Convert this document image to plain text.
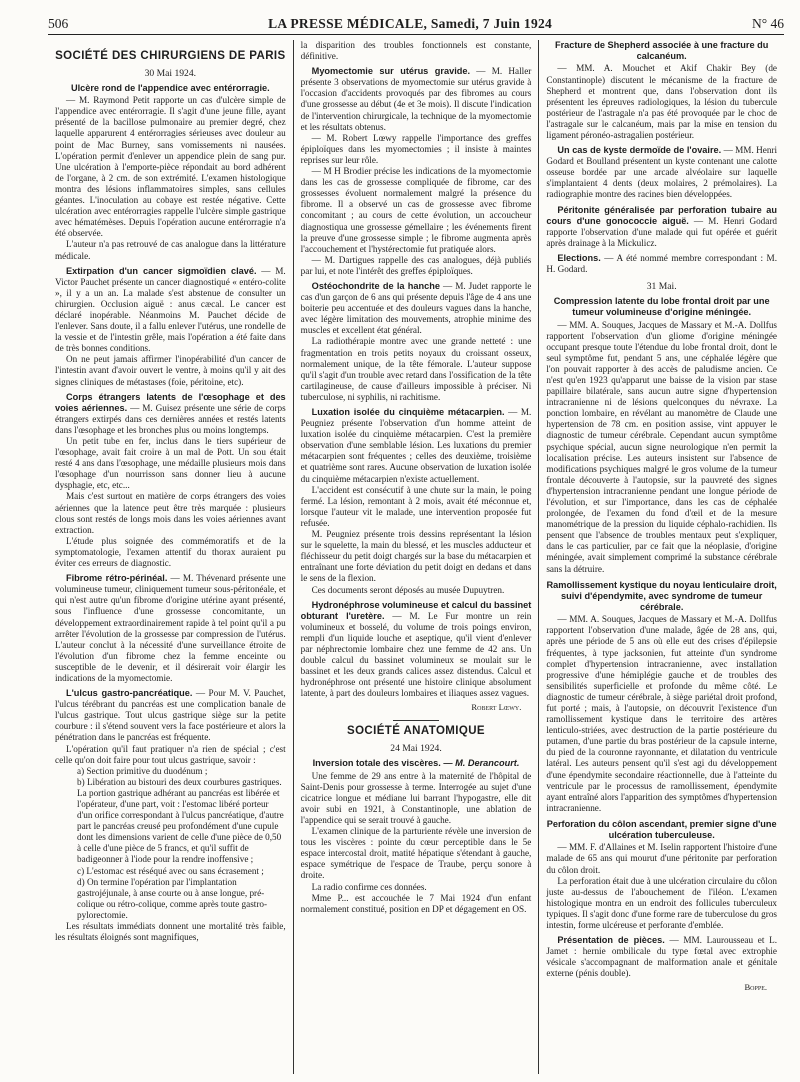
506	LA PRESSE MÉDICALE, Samedi, 7 Juin 1924	N° 46
SOCIÉTÉ DES CHIRURGIENS DE PARIS
30 Mai 1924.
Ulcère rond de l'appendice avec entérorragie.

— M. Raymond Petit rapporte un cas d'ulcère simple de l'appendice avec entérorragie. Il s'agit d'une jeune fille, ayant présenté de la bacillose pulmonaire au premier degré, chez laquelle apparurent 4 entérorragies sérieuses avec douleur au point de Mac Burney, sans vomissements ni nausées. L'opération permit d'enlever un appendice plein de sang pur. Une ulcération à l'emporte-pièce répondait au bord adhérent de l'organe, à 2 cm. de son extrémité. L'examen histologique montra des lésions inflammatoires simples, sans cellules géantes. L'inoculation au cobaye est restée négative. Cette ulcération avec entérorragies rappelle l'ulcère simple gastrique avec hématémèses. Depuis l'opération aucune entérorragie n'a été observée.

L'auteur n'a pas retrouvé de cas analogue dans la littérature médicale.

Extirpation d'un cancer sigmoïdien clavé. — M. Victor Pauchet présente un cancer diagnostiqué « entéro-colite », il y a un an. La malade s'est abstenue de consulter un chirurgien. Occlusion aiguë : anus cæcal. Le cancer est déclaré inopérable. Néanmoins M. Pauchet décide de l'enlever. Sans doute, il a fallu enlever l'utérus, une rondelle de la vessie et de l'intestin grêle, mais l'opération a été faite dans de très bonnes conditions.

On ne peut jamais affirmer l'inopérabilité d'un cancer de l'intestin avant d'avoir ouvert le ventre, à moins qu'il y ait des signes cliniques de métastases (foie, péritoine, etc).

Corps étrangers latents de l'œsophage et des voies aériennes. — M. Guisez présente une série de corps étrangers extirpés dans ces dernières années et restés latents dans l'œsophage et les bronches plus ou moins longtemps.

Un petit tube en fer, inclus dans le tiers supérieur de l'œsophage, avait fait croire à un mal de Pott. Un sou était resté 4 ans dans l'œsophage, une médaille plusieurs mois dans l'œsophage d'un nourrisson sans donner lieu à aucune dysphagie, etc, etc...

Mais c'est surtout en matière de corps étrangers des voies aériennes que la latence peut être très marquée : plusieurs clous sont restés de longs mois dans les voies aériennes avant extraction.

L'étude plus soignée des commémoratifs et de la symptomatologie, l'examen attentif du thorax auraient pu éviter ces erreurs de diagnostic.

Fibrome rétro-périnéal. — M. Thévenard présente une volumineuse tumeur, cliniquement tumeur sous-péritonéale, et qui n'est autre qu'un fibrome d'origine utérine ayant présenté, sous l'influence d'une grossesse concomitante, un développement extraordinairement rapide à tel point qu'il a pu arrêter l'évolution de la grossesse par compression de l'utérus. L'auteur conclut à la nécessité d'une surveillance étroite de l'évolution d'un fibrome chez la femme enceinte ou susceptible de le devenir, et il désirerait voir élargir les indications de la myomectomie.

L'ulcus gastro-pancréatique. — Pour M. V. Pauchet, l'ulcus térébrant du pancréas est une complication banale de l'ulcus gastrique. Tout ulcus gastrique siège sur la petite courbure : il s'étend souvent vers la face postérieure et alors la pénétration dans le pancréas est fréquente.

L'opération qu'il faut pratiquer n'a rien de spécial ; c'est celle qu'on doit faire pour tout ulcus gastrique, savoir :

a) Section primitive du duodénum ;
b) Libération au bistouri des deux courbures gastriques. La portion gastrique adhérant au pancréas est libérée et l'opérateur, d'une part, voit : l'estomac libéré porteur d'un orifice correspondant à l'ulcus pancréatique, d'autre part le pancréas creusé peu profondément d'une cupule dont les dimensions varient de celle d'une pièce de 0,50 à celle d'une pièce de 5 francs, et qu'il suffit de badigeonner à l'iode pour la rendre inoffensive ;
c) L'estomac est réséqué avec ou sans écrasement ;
d) On termine l'opération par l'implantation gastrojéjunale, à anse courte ou à anse longue, pré-colique ou rétro-colique, comme après toute gastro-pylorectomie.

Les résultats immédiats donnent une mortalité très faible, les résultats éloignés sont magnifiques,

la disparition des troubles fonctionnels est constante, définitive.

Myomectomie sur utérus gravide. — M. Haller présente 3 observations de myomectomie sur utérus gravide à l'occasion d'accidents provoqués par des fibromes au cours d'une grossesse au début (4e et 3e mois). Il discute l'indication de l'intervention chirurgicale, la technique de la myomectomie et les résultats obtenus.

— M. Robert Lœwy rappelle l'importance des greffes épiploïques dans les myomectomies ; il insiste à maintes reprises sur leur rôle.

— M H Brodier précise les indications de la myomectomie dans les cas de grossesse compliquée de fibrome, car des grossesses évoluent normalement malgré la présence du fibrome. Il a observé un cas de grossesse avec fibrome concomitant ; au cours de cette évolution, un accoucheur diagnostiqua une grossesse gémellaire ; les événements firent la preuve d'une grossesse simple ; le fibrome augmenta après l'accouchement et l'hystérectomie fut pratiquée alors.

— M. Dartigues rappelle des cas analogues, déjà publiés par lui, et note l'intérêt des greffes épiploïques.

Ostéochondrite de la hanche — M. Judet rapporte le cas d'un garçon de 6 ans qui présente depuis l'âge de 4 ans une boiterie peu accentuée et des douleurs vagues dans la hanche, avec légère limitation des mouvements, atrophie minime des muscles et excellent état général.

La radiothérapie montre avec une grande netteté : une fragmentation en trois petits noyaux du croissant osseux, normalement unique, de la tête fémorale. L'auteur suppose qu'il s'agit d'un trouble avec retard dans l'ossification de la tête cartilagineuse, de cause d'ailleurs impossible à préciser. Ni tuberculose, ni syphilis, ni rachitisme.

Luxation isolée du cinquième métacarpien. — M. Peugniez présente l'observation d'un homme atteint de luxation isolée du cinquième métacarpien. C'est la première observation d'une semblable lésion. Les luxations du premier métacarpien sont fréquentes ; celles des deuxième, troisième et quatrième sont rares. Aucune observation de luxation isolée du cinquième métacarpien n'existe actuellement.

L'accident est consécutif à une chute sur la main, le poing fermé. La lésion, remontant à 2 mois, avait été méconnue et, lorsque l'auteur vit le malade, une intervention proposée fut refusée.

M. Peugniez présente trois dessins représentant la lésion sur le squelette, la main du blessé, et les muscles adducteur et fléchisseur du petit doigt chargés sur la base du métacarpien et entraînant une forte déviation du petit doigt en dedans et dans le sens de la flexion.

Ces documents seront déposés au musée Dupuytren.

Hydronéphrose volumineuse et calcul du bassinet obturant l'uretère. — M. Le Fur montre un rein volumineux et bosselé, du volume de trois poings environ, rempli d'un liquide louche et aseptique, qu'il vient d'enlever par néphrectomie lombaire chez une femme de 42 ans. Un double calcul du bassinet volumineux se moulait sur le bassinet et les deux grands calices assez distendus. Calcul et hydronéphrose ont présenté une histoire clinique absolument latente, à part des douleurs lombaires et iliaques assez vagues.

Robert Lœwy.
SOCIÉTÉ ANATOMIQUE
24 Mai 1924.
Inversion totale des viscères. — M. Derancourt.

Une femme de 29 ans entre à la maternité de l'hôpital de Saint-Denis pour grossesse à terme. Interrogée au sujet d'une cicatrice longue et médiane lui barrant l'hypogastre, elle dit avoir subi en 1921, à Constantinople, une ablation de l'appendice qui se serait trouvé à gauche.

L'examen clinique de la parturiente révèle une inversion de tous les viscères : pointe du cœur perceptible dans le 5e espace intercostal droit, matité hépatique s'étendant à gauche, espace symétrique de l'espace de Traube, perçu sonore à droite.

La radio confirme ces données.

Mme P... est accouchée le 7 Mai 1924 d'un enfant normalement constitué, position en DP et dégagement en OS.

Fracture de Shepherd associée à une fracture du calcanéum.

— MM. A. Mouchet et Akif Chakir Bey (de Constantinople) discutent le mécanisme de la fracture de Shepherd et montrent que, dans l'observation dont ils présentent les épreuves radiologiques, la lésion du tubercule postérieur de l'astragale n'a pas été provoquée par le choc de l'astragale sur le calcanéum, mais par la mise en tension du ligament péronéo-astragalien postérieur.

Un cas de kyste dermoïde de l'ovaire. — MM. Henri Godard et Boulland présentent un kyste contenant une calotte osseuse bordée par une arcade alvéolaire sur laquelle s'implantaient 4 dents (deux molaires, 2 prémolaires). La radiographie montre des racines bien développées.

Péritonite généralisée par perforation tubaire au cours d'une gonococcie aiguë. — M. Henri Godard rapporte l'observation d'une malade qui fut opérée et guérit après drainage à la Mickulicz.

Elections. — A été nommé membre correspondant : M. H. Godard.

31 Mai.
Compression latente du lobe frontal droit par une tumeur volumineuse d'origine méningée.

— MM. A. Souques, Jacques de Massary et M.-A. Dollfus rapportent l'observation d'un gliome d'origine méningée occupant presque toute l'étendue du lobe frontal droit, dont le seul symptôme fut, pendant 5 ans, une céphalée légère que l'on pouvait rapporter à des accès de paludisme ancien. Ce n'est qu'en 1923 qu'apparut une baisse de la vision par stase papillaire bilatérale, sans aucun autre signe d'hypertension intracranienne ni de lésions quelconques du névraxe. La ponction lombaire, en révélant au manomètre de Claude une hypertension de 78 cm. en position assise, vint appuyer le diagnostic de tumeur cérébrale. Cependant aucun symptôme psychique spécial, aucun signe neurologique n'en permit la localisation précise. Les auteurs insistent sur l'absence de modifications psychiques malgré le gros volume de la tumeur frontale découverte à l'autopsie, sur la pauvreté des signes d'hypertension intracranienne pendant une longue période de l'évolution, et sur l'importance, dans les cas de céphalée prolongée, de l'examen du fond d'œil et de la mesure manométrique de la pression du liquide céphalo-rachidien. Ils pensent que l'absence de troubles mentaux peut s'expliquer, dans le cas particulier, par ce fait que la néoplasie, d'origine méningée, avait simplement comprimé la substance cérébrale sans la détruire.

Ramollissement kystique du noyau lenticulaire droit, suivi d'épendymite, avec syndrome de tumeur cérébrale.

— MM. A. Souques, Jacques de Massary et M.-A. Dollfus rapportent l'observation d'une malade, âgée de 28 ans, qui, après une période de 5 ans où elle eut des crises d'épilepsie fréquentes, à type jacksonien, fut atteinte d'un syndrome complet d'hypertension intracranienne, avec installation progressive d'une hémiplégie gauche et de troubles des sensibilités superficielle et profonde du même côté. Le diagnostic de tumeur cérébrale, à siège pariétal droit profond, fut porté ; mais, à l'autopsie, on découvrit l'existence d'un ramollissement kystique dans le territoire des artères lenticulo-striées, avec destruction de la partie postérieure du putamen, d'une partie du bras postérieur de la capsule interne, du pied de la couronne rayonnante, et dilatation du ventricule latéral. Les auteurs pensent qu'il s'est agi du développement d'une épendymite secondaire réactionnelle, due à l'atteinte du ventricule par le processus de ramollissement, épendymite ayant entraîné alors l'apparition des symptômes d'hypertension intracranienne.

Perforation du côlon ascendant, premier signe d'une ulcération tuberculeuse.

— MM. F. d'Allaines et M. Iselin rapportent l'histoire d'une malade de 65 ans qui mourut d'une péritonite par perforation du côlon droit.

La perforation était due à une ulcération circulaire du côlon juste au-dessus de l'abouchement de l'iléon. L'examen histologique montra en un endroit des follicules tuberculeux typiques. Il s'agit donc d'une forme rare de tuberculose du gros intestin, forme ulcéreuse et perforante d'emblée.

Présentation de pièces. — MM. Laurousseau et L. Jamet : hernie ombilicale du type fœtal avec extrophie vésicale s'accompagnant de malformation anale et génitale externe (pénis double).

Boppe.
